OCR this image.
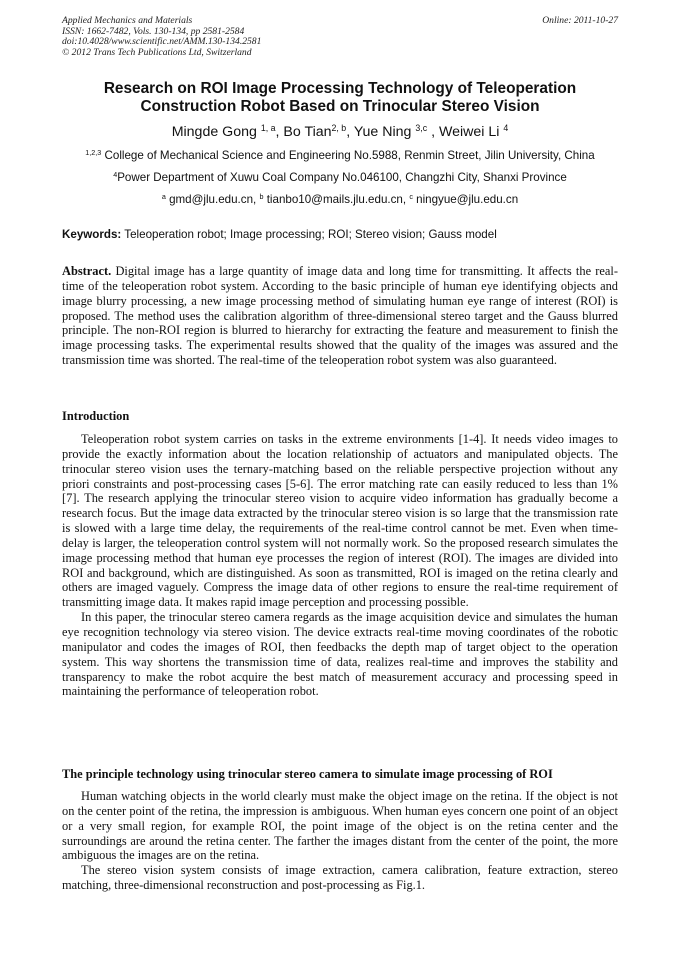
Applied Mechanics and Materials
ISSN: 1662-7482, Vols. 130-134, pp 2581-2584
doi:10.4028/www.scientific.net/AMM.130-134.2581
© 2012 Trans Tech Publications Ltd, Switzerland
Online: 2011-10-27
Research on ROI Image Processing Technology of Teleoperation
Construction Robot Based on Trinocular Stereo Vision
Mingde Gong $^{1, a}$, Bo Tian$^{2, b}$, Yue Ning $^{3,c}$ , Weiwei Li $^4$
$^{1,2,3}$ College of Mechanical Science and Engineering No.5988, Renmin Street, Jilin University, China
$^4$Power Department of Xuwu Coal Company No.046100, Changzhi City, Shanxi Province
$^a$ gmd@jlu.edu.cn, $^b$ tianbo10@mails.jlu.edu.cn, $^c$ ningyue@jlu.edu.cn
Keywords: Teleoperation robot; Image processing; ROI; Stereo vision; Gauss model

Abstract. Digital image has a large quantity of image data and long time for transmitting. It affects the real-time of the teleoperation robot system. According to the basic principle of human eye identifying objects and image blurry processing, a new image processing method of simulating human eye range of interest (ROI) is proposed. The method uses the calibration algorithm of three-dimensional stereo target and the Gauss blurred principle. The non-ROI region is blurred to hierarchy for extracting the feature and measurement to finish the image processing tasks. The experimental results showed that the quality of the images was assured and the transmission time was shorted. The real-time of the teleoperation robot system was also guaranteed.

Introduction

Teleoperation robot system carries on tasks in the extreme environments [1-4]. It needs video images to provide the exactly information about the location relationship of actuators and manipulated objects. The trinocular stereo vision uses the ternary-matching based on the reliable perspective projection without any priori constraints and post-processing cases [5-6]. The error matching rate can easily reduced to less than 1% [7]. The research applying the trinocular stereo vision to acquire video information has gradually become a research focus. But the image data extracted by the trinocular stereo vision is so large that the transmission rate is slowed with a large time delay, the requirements of the real-time control cannot be met. Even when time-delay is larger, the teleoperation control system will not normally work. So the proposed research simulates the image processing method that human eye processes the region of interest (ROI). The images are divided into ROI and background, which are distinguished. As soon as transmitted, ROI is imaged on the retina clearly and others are imaged vaguely. Compress the image data of other regions to ensure the real-time requirement of transmitting image data. It makes rapid image perception and processing possible.

In this paper, the trinocular stereo camera regards as the image acquisition device and simulates the human eye recognition technology via stereo vision. The device extracts real-time moving coordinates of the robotic manipulator and codes the images of ROI, then feedbacks the depth map of target object to the operation system. This way shortens the transmission time of data, realizes real-time and improves the stability and transparency to make the robot acquire the best match of measurement accuracy and processing speed in maintaining the performance of teleoperation robot.

The principle technology using trinocular stereo camera to simulate image processing of ROI

Human watching objects in the world clearly must make the object image on the retina. If the object is not on the center point of the retina, the impression is ambiguous. When human eyes concern one point of an object or a very small region, for example ROI, the point image of the object is on the retina center and the surroundings are around the retina center. The farther the images distant from the center of the point, the more ambiguous the images are on the retina.

The stereo vision system consists of image extraction, camera calibration, feature extraction, stereo matching, three-dimensional reconstruction and post-processing as Fig.1.
